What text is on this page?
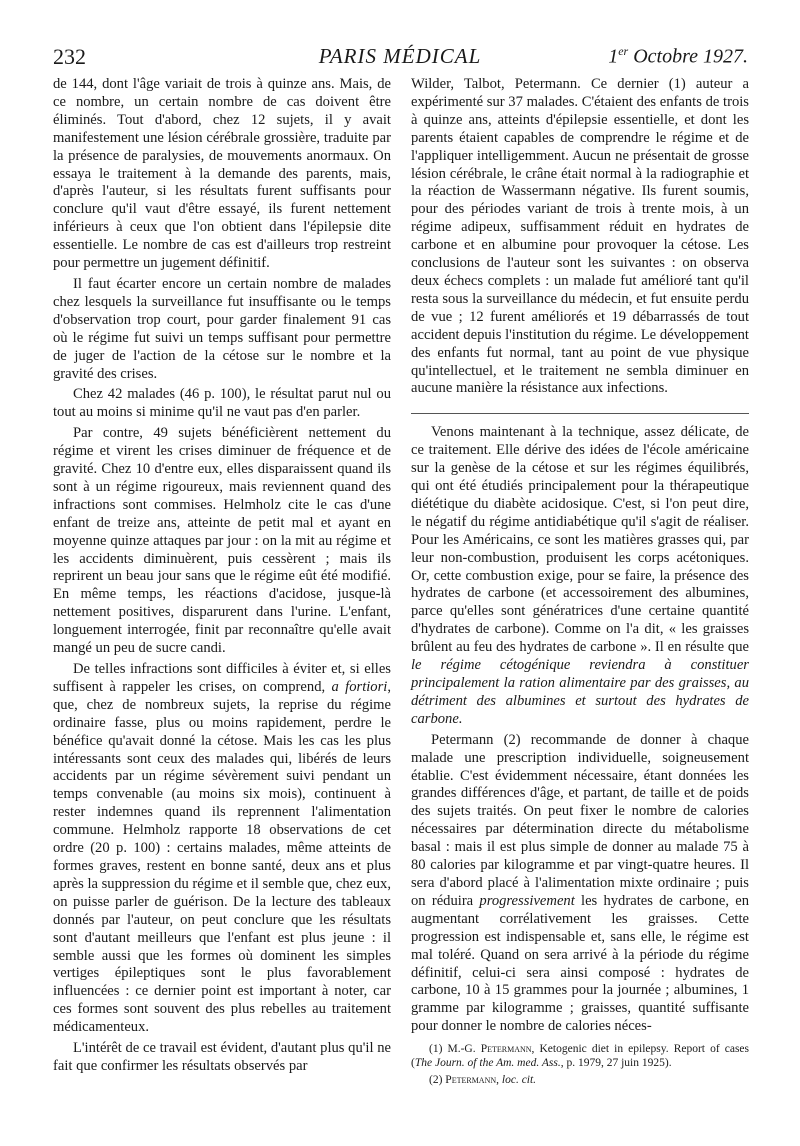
232	PARIS MÉDICAL	1er Octobre 1927.

de 144, dont l'âge variait de trois à quinze ans. Mais, de ce nombre, un certain nombre de cas doivent être éliminés. Tout d'abord, chez 12 sujets, il y avait manifestement une lésion cérébrale grossière, traduite par la présence de paralysies, de mouvements anormaux. On essaya le traitement à la demande des parents, mais, d'après l'auteur, si les résultats furent suffisants pour conclure qu'il vaut d'être essayé, ils furent nettement inférieurs à ceux que l'on obtient dans l'épilepsie dite essentielle. Le nombre de cas est d'ailleurs trop restreint pour permettre un jugement définitif.

Il faut écarter encore un certain nombre de malades chez lesquels la surveillance fut insuffisante ou le temps d'observation trop court, pour garder finalement 91 cas où le régime fut suivi un temps suffisant pour permettre de juger de l'action de la cétose sur le nombre et la gravité des crises.

Chez 42 malades (46 p. 100), le résultat parut nul ou tout au moins si minime qu'il ne vaut pas d'en parler.

Par contre, 49 sujets bénéficièrent nettement du régime et virent les crises diminuer de fréquence et de gravité. Chez 10 d'entre eux, elles disparaissent quand ils sont à un régime rigoureux, mais reviennent quand des infractions sont commises. Helmholz cite le cas d'une enfant de treize ans, atteinte de petit mal et ayant en moyenne quinze attaques par jour : on la mit au régime et les accidents diminuèrent, puis cessèrent ; mais ils reprirent un beau jour sans que le régime eût été modifié. En même temps, les réactions d'acidose, jusque-là nettement positives, disparurent dans l'urine. L'enfant, longuement interrogée, finit par reconnaître qu'elle avait mangé un peu de sucre candi.

De telles infractions sont difficiles à éviter et, si elles suffisent à rappeler les crises, on comprend, a fortiori, que, chez de nombreux sujets, la reprise du régime ordinaire fasse, plus ou moins rapidement, perdre le bénéfice qu'avait donné la cétose. Mais les cas les plus intéressants sont ceux des malades qui, libérés de leurs accidents par un régime sévèrement suivi pendant un temps convenable (au moins six mois), continuent à rester indemnes quand ils reprennent l'alimentation commune. Helmholz rapporte 18 observations de cet ordre (20 p. 100) : certains malades, même atteints de formes graves, restent en bonne santé, deux ans et plus après la suppression du régime et il semble que, chez eux, on puisse parler de guérison. De la lecture des tableaux donnés par l'auteur, on peut conclure que les résultats sont d'autant meilleurs que l'enfant est plus jeune : il semble aussi que les formes où dominent les simples vertiges épileptiques sont le plus favorablement influencées : ce dernier point est important à noter, car ces formes sont souvent des plus rebelles au traitement médicamenteux.

L'intérêt de ce travail est évident, d'autant plus qu'il ne fait que confirmer les résultats observés par

Wilder, Talbot, Petermann. Ce dernier (1) auteur a expérimenté sur 37 malades. C'étaient des enfants de trois à quinze ans, atteints d'épilepsie essentielle, et dont les parents étaient capables de comprendre le régime et de l'appliquer intelligemment. Aucun ne présentait de grosse lésion cérébrale, le crâne était normal à la radiographie et la réaction de Wassermann négative. Ils furent soumis, pour des périodes variant de trois à trente mois, à un régime adipeux, suffisamment réduit en hydrates de carbone et en albumine pour provoquer la cétose. Les conclusions de l'auteur sont les suivantes : on observa deux échecs complets : un malade fut amélioré tant qu'il resta sous la surveillance du médecin, et fut ensuite perdu de vue ; 12 furent améliorés et 19 débarrassés de tout accident depuis l'institution du régime. Le développement des enfants fut normal, tant au point de vue physique qu'intellectuel, et le traitement ne sembla diminuer en aucune manière la résistance aux infections.

Venons maintenant à la technique, assez délicate, de ce traitement. Elle dérive des idées de l'école américaine sur la genèse de la cétose et sur les régimes équilibrés, qui ont été étudiés principalement pour la thérapeutique diététique du diabète acidosique. C'est, si l'on peut dire, le négatif du régime antidiabétique qu'il s'agit de réaliser. Pour les Américains, ce sont les matières grasses qui, par leur non-combustion, produisent les corps acétoniques. Or, cette combustion exige, pour se faire, la présence des hydrates de carbone (et accessoirement des albumines, parce qu'elles sont génératrices d'une certaine quantité d'hydrates de carbone). Comme on l'a dit, « les graisses brûlent au feu des hydrates de carbone ». Il en résulte que le régime cétogénique reviendra à constituer principalement la ration alimentaire par des graisses, au détriment des albumines et surtout des hydrates de carbone.

Petermann (2) recommande de donner à chaque malade une prescription individuelle, soigneusement établie. C'est évidemment nécessaire, étant données les grandes différences d'âge, et partant, de taille et de poids des sujets traités. On peut fixer le nombre de calories nécessaires par détermination directe du métabolisme basal : mais il est plus simple de donner au malade 75 à 80 calories par kilogramme et par vingt-quatre heures. Il sera d'abord placé à l'alimentation mixte ordinaire ; puis on réduira progressivement les hydrates de carbone, en augmentant corrélativement les graisses. Cette progression est indispensable et, sans elle, le régime est mal toléré. Quand on sera arrivé à la période du régime définitif, celui-ci sera ainsi composé : hydrates de carbone, 10 à 15 grammes pour la journée ; albumines, 1 gramme par kilogramme ; graisses, quantité suffisante pour donner le nombre de calories néces-

(1) M.-G. Petermann, Ketogenic diet in epilepsy. Report of cases (The Journ. of the Am. med. Ass., p. 1979, 27 juin 1925).

(2) Petermann, loc. cit.
